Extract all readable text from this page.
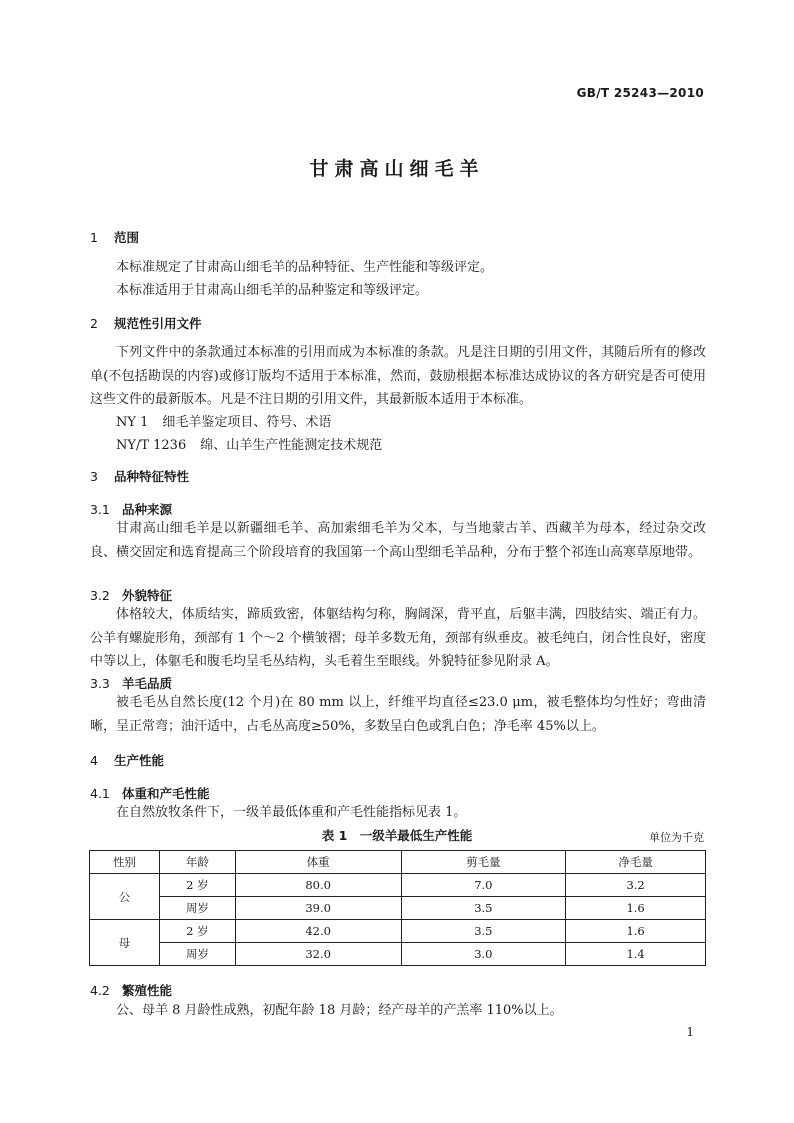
GB/T 25243—2010
甘肃高山细毛羊
1 范围
本标准规定了甘肃高山细毛羊的品种特征、生产性能和等级评定。
本标准适用于甘肃高山细毛羊的品种鉴定和等级评定。
2 规范性引用文件
下列文件中的条款通过本标准的引用而成为本标准的条款。凡是注日期的引用文件，其随后所有的修改单(不包括勘误的内容)或修订版均不适用于本标准，然而，鼓励根据本标准达成协议的各方研究是否可使用这些文件的最新版本。凡是不注日期的引用文件，其最新版本适用于本标准。
NY 1 细毛羊鉴定项目、符号、术语
NY/T 1236 绵、山羊生产性能测定技术规范
3 品种特征特性
3.1 品种来源
甘肃高山细毛羊是以新疆细毛羊、高加索细毛羊为父本，与当地蒙古羊、西藏羊为母本，经过杂交改良、横交固定和选育提高三个阶段培育的我国第一个高山型细毛羊品种，分布于整个祁连山高寒草原地带。
3.2 外貌特征
体格较大，体质结实，蹄质致密，体躯结构匀称，胸阔深，背平直，后躯丰满，四肢结实、端正有力。公羊有螺旋形角，颈部有 1 个～2 个横皱褶；母羊多数无角，颈部有纵垂皮。被毛纯白，闭合性良好，密度中等以上，体躯毛和腹毛均呈毛丛结构，头毛着生至眼线。外貌特征参见附录 A。
3.3 羊毛品质
被毛毛丛自然长度(12 个月)在 80 mm 以上，纤维平均直径≤23.0 μm，被毛整体均匀性好；弯曲清晰，呈正常弯；油汗适中，占毛丛高度≥50%，多数呈白色或乳白色；净毛率 45%以上。
4 生产性能
4.1 体重和产毛性能
在自然放牧条件下，一级羊最低体重和产毛性能指标见表 1。
表 1　一级羊最低生产性能	单位为千克
性别	年龄	体重	剪毛量	净毛量
公	2 岁	80.0	7.0	3.2
	周岁	39.0	3.5	1.6
母	2 岁	42.0	3.5	1.6
	周岁	32.0	3.0	1.4
4.2 繁殖性能
公、母羊 8 月龄性成熟，初配年龄 18 月龄；经产母羊的产羔率 110%以上。
1
